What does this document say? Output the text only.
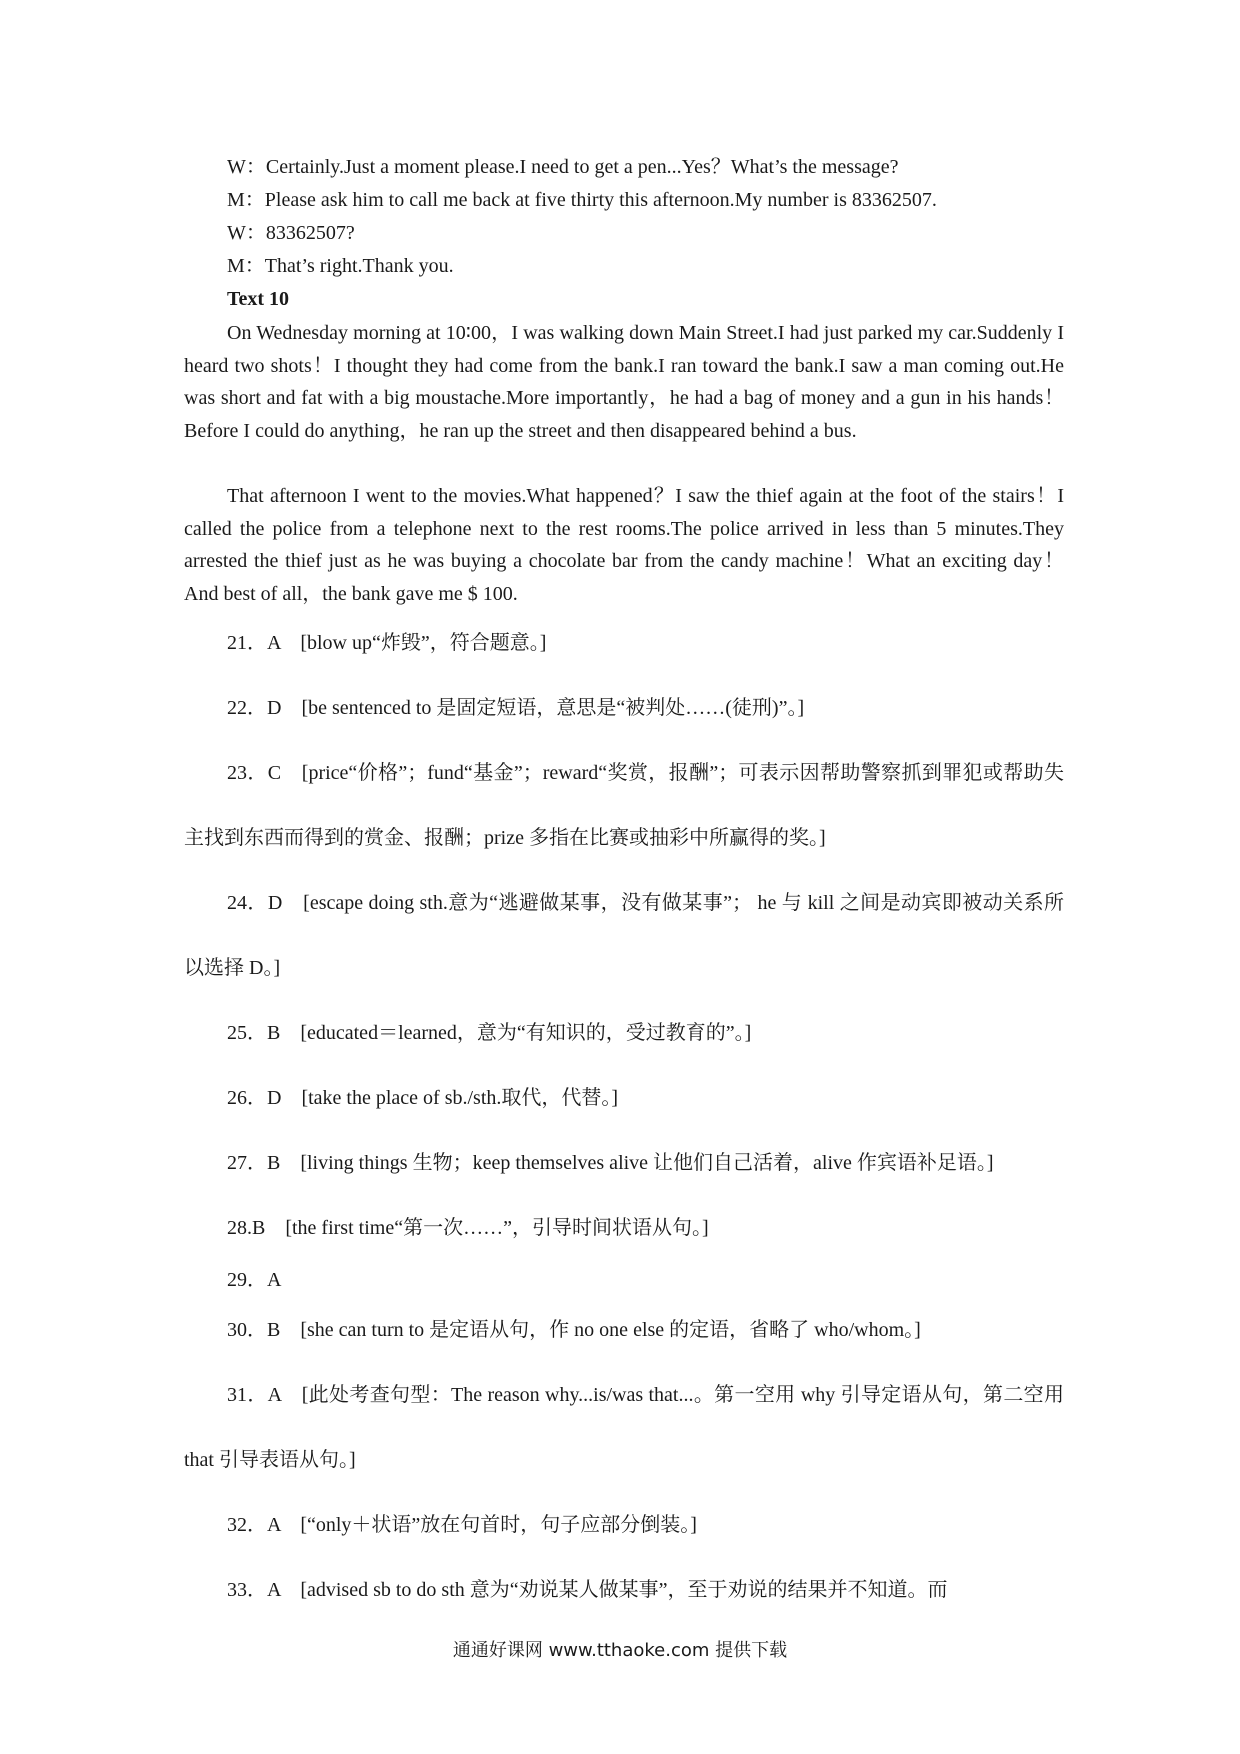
W：Certainly.Just a moment please.I need to get a pen...Yes？What’s the message?
M：Please ask him to call me back at five thirty this afternoon.My number is 83362507.
W：83362507?
M：That’s right.Thank you.
Text 10

On Wednesday morning at 10∶00，I was walking down Main Street.I had just parked my car.Suddenly I heard two shots！I thought they had come from the bank.I ran toward the bank.I saw a man coming out.He was short and fat with a big moustache.More importantly，he had a bag of money and a gun in his hands！Before I could do anything，he ran up the street and then disappeared behind a bus.

That afternoon I went to the movies.What happened？I saw the thief again at the foot of the stairs！I called the police from a telephone next to the rest rooms.The police arrived in less than 5 minutes.They arrested the thief just as he was buying a chocolate bar from the candy machine！What an exciting day！And best of all，the bank gave me $ 100.

21．A　[blow up“炸毁”，符合题意。]

22．D　[be sentenced to 是固定短语，意思是“被判处……(徒刑)”。]

23．C　[price“价格”；fund“基金”；reward“奖赏，报酬”；可表示因帮助警察抓到罪犯或帮助失主找到东西而得到的赏金、报酬；prize 多指在比赛或抽彩中所赢得的奖。]

24．D　[escape doing sth.意为“逃避做某事，没有做某事”； he 与 kill 之间是动宾即被动关系所以选择 D。]

25．B　[educated＝learned，意为“有知识的，受过教育的”。]

26．D　[take the place of sb./sth.取代，代替。]

27．B　[living things 生物；keep themselves alive 让他们自己活着，alive 作宾语补足语。]

28.B　[the first time“第一次……”，引导时间状语从句。]

29．A

30．B　[she can turn to 是定语从句，作 no one else 的定语，省略了 who/whom。]

31．A　[此处考查句型：The reason why...is/was that...。第一空用 why 引导定语从句，第二空用 that 引导表语从句。]

32．A　[“only＋状语”放在句首时，句子应部分倒装。]

33．A　[advised sb to do sth 意为“劝说某人做某事”，至于劝说的结果并不知道。而

通通好课网 www.tthaoke.com 提供下载
